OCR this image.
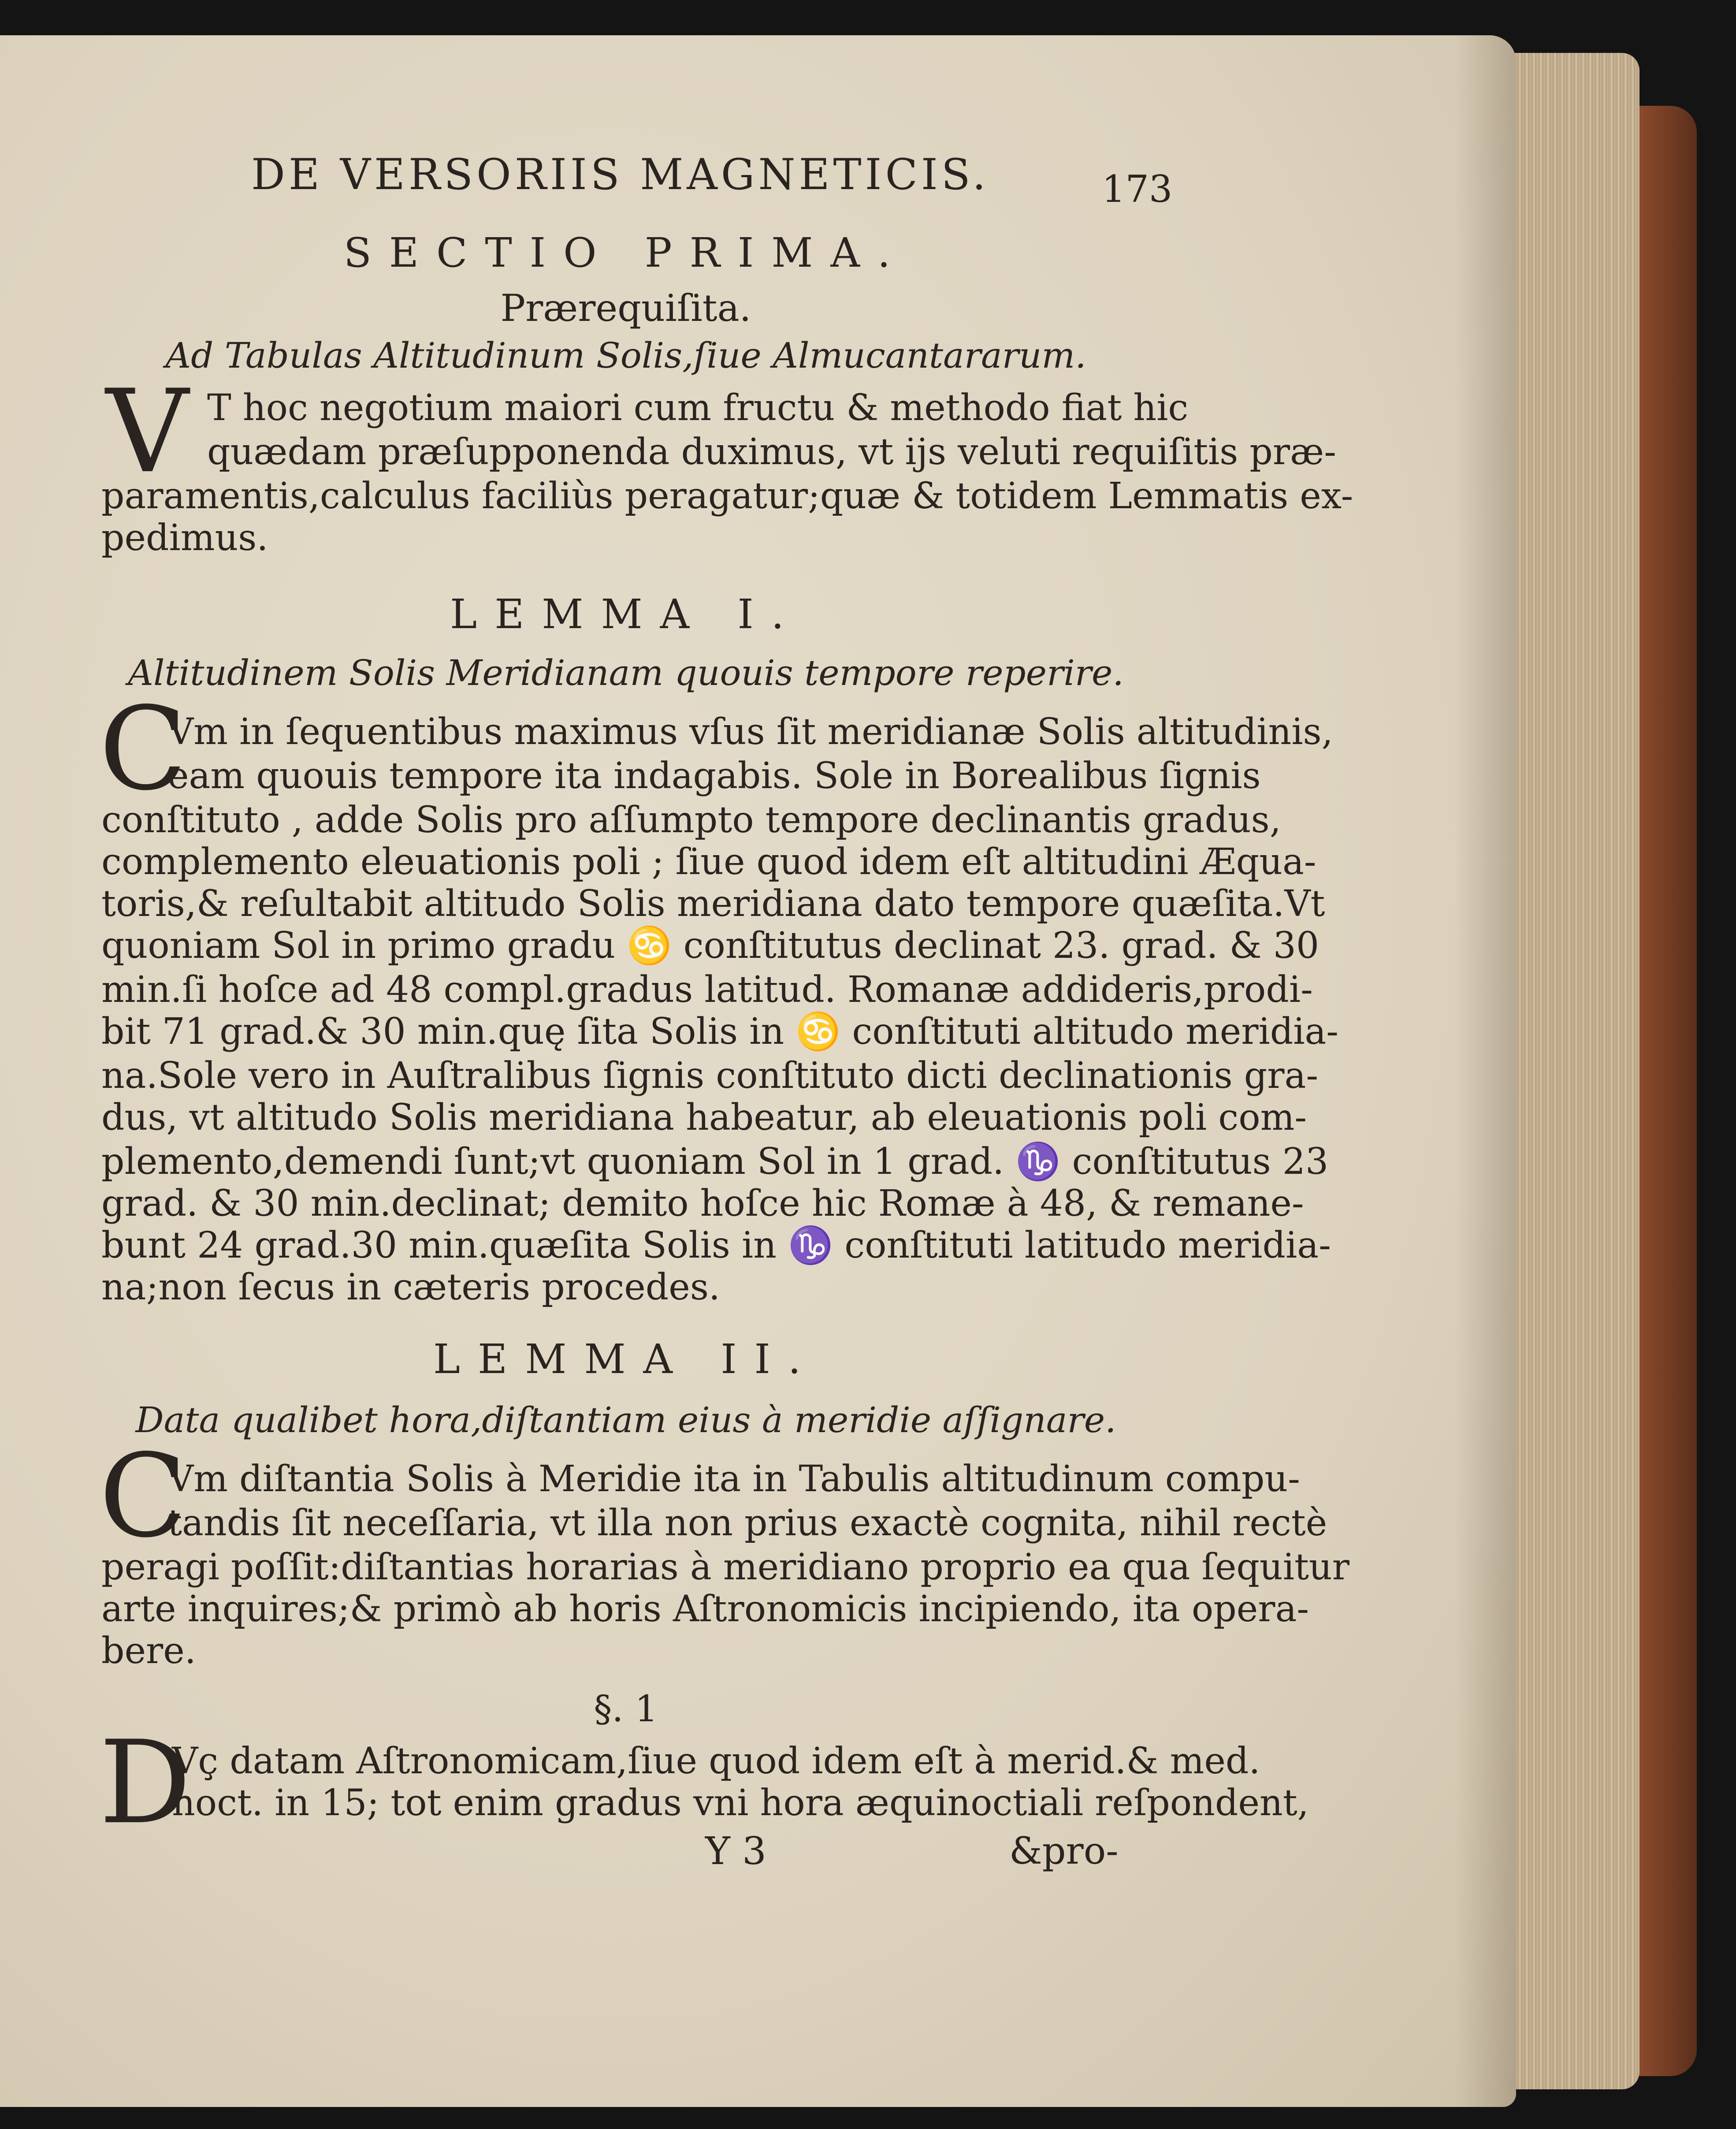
DE VERSORIIS MAGNETICIS.	173
SECTIO PRIMA.
Prærequiſita.
Ad Tabulas Altitudinum Solis,ſiue Almucantararum.
V T hoc negotium maiori cum fructu & methodo fiat hic
quædam præſupponenda duximus, vt ijs veluti requiſitis præ-
paramentis,calculus faciliùs peragatur;quæ & totidem Lemmatis ex-
pedimus.
LEMMA I.
Altitudinem Solis Meridianam quouis tempore reperire.
C
Vm in ſequentibus maximus vſus ſit meridianæ Solis altitudinis,
eam quouis tempore ita indagabis. Sole in Borealibus ſignis
conſtituto , adde Solis pro aſſumpto tempore declinantis gradus,
complemento eleuationis poli ; ſiue quod idem eſt altitudini Æqua-
toris,& reſultabit altitudo Solis meridiana dato tempore quæſita.Vt
quoniam Sol in primo gradu ♋ conſtitutus declinat 23. grad. & 30
min.ſi hoſce ad 48 compl.gradus latitud. Romanæ addideris,prodi-
bit 71 grad.& 30 min.quę ſita Solis in ♋ conſtituti altitudo meridia-
na.Sole vero in Auſtralibus ſignis conſtituto dicti declinationis gra-
dus, vt altitudo Solis meridiana habeatur, ab eleuationis poli com-
plemento,demendi ſunt;vt quoniam Sol in 1 grad. ♑ conſtitutus 23
grad. & 30 min.declinat; demito hoſce hic Romæ à 48, & remane-
bunt 24 grad.30 min.quæſita Solis in ♑ conſtituti latitudo meridia-
na;non ſecus in cæteris procedes.
LEMMA II.
Data qualibet hora,diſtantiam eius à meridie aſſignare.
C
Vm diſtantia Solis à Meridie ita in Tabulis altitudinum compu-
tandis ſit neceſſaria, vt illa non prius exactè cognita, nihil rectè
peragi poſſit:diſtantias horarias à meridiano proprio ea qua ſequitur
arte inquires;& primò ab horis Aſtronomicis incipiendo, ita opera-
bere.
§. 1
D
Vç datam Aſtronomicam,ſiue quod idem eſt à merid.& med.
noct. in 15; tot enim gradus vni hora æquinoctiali reſpondent,
Y 3	&pro-
